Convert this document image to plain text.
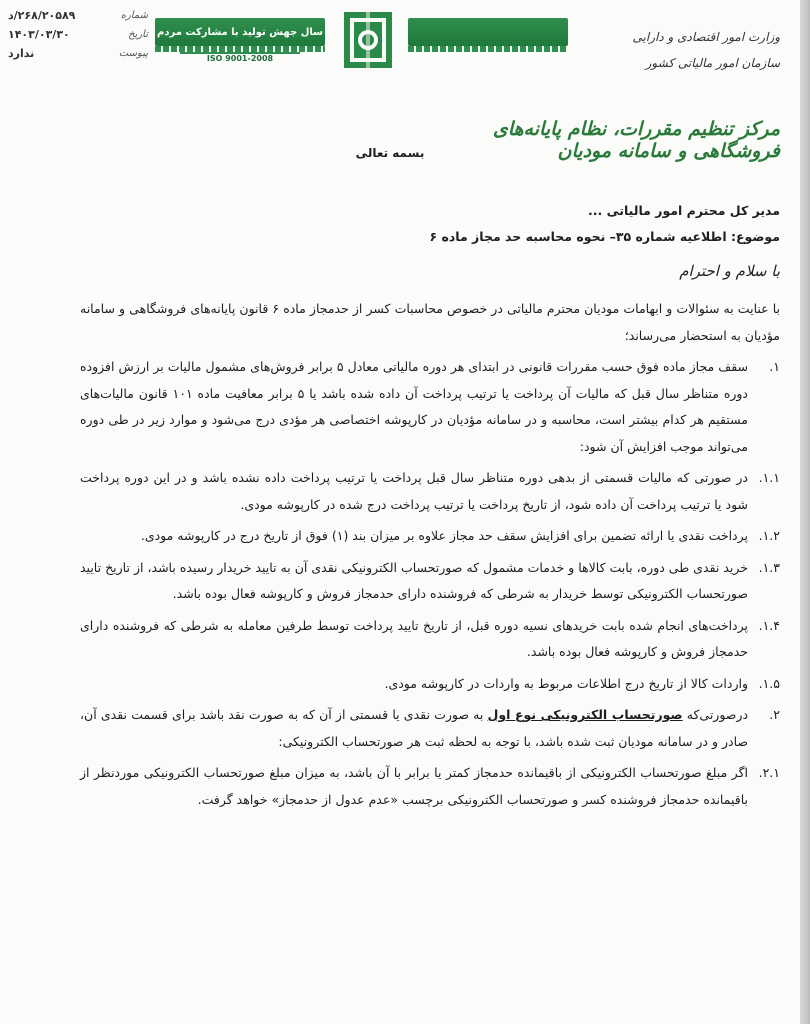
شماره
۲۶۸/۲۰۵۸۹/د
تاریخ
۱۴۰۳/۰۳/۳۰
پیوست
ندارد
سال جهش تولید با مشارکت مردم
ISO 9001-2008
وزارت امور اقتصادی و دارایی
سازمان امور مالیاتی کشور
مرکز تنظیم مقررات، نظام پایانه‌های فروشگاهی و سامانه مودیان
بسمه تعالی
مدیر کل محترم امور مالیاتی ...
موضوع: اطلاعیه شماره ۳۵– نحوه محاسبه حد مجاز ماده ۶
با سلام و احترام

با عنایت به سئوالات و ابهامات مودیان محترم مالیاتی در خصوص محاسبات کسر از حدمجاز ماده ۶ قانون پایانه‌های فروشگاهی و سامانه مؤدیان به استحضار می‌رساند؛

۱.
سقف مجاز ماده فوق حسب مقررات قانونی در ابتدای هر دوره مالیاتی معادل ۵ برابر فروش‌های مشمول مالیات بر ارزش افزوده دوره متناظر سال قبل که مالیات آن پرداخت یا ترتیب پرداخت آن داده شده باشد یا ۵ برابر معافیت ماده ۱۰۱ قانون مالیات‌های مستقیم هر کدام بیشتر است، محاسبه و در سامانه مؤدیان در کارپوشه اختصاصی هر مؤدی درج می‌شود و موارد زیر در طی دوره می‌تواند موجب افزایش آن شود:
۱.۱.
در صورتی که مالیات قسمتی از بدهی دوره متناظر سال قبل پرداخت یا ترتیب پرداخت داده نشده باشد و در این دوره پرداخت شود یا ترتیب پرداخت آن داده شود، از تاریخ پرداخت یا ترتیب پرداخت درج شده در کارپوشه مودی.
۱.۲.
پرداخت نقدی یا ارائه تضمین برای افزایش سقف حد مجاز علاوه بر میزان بند (۱) فوق از تاریخ درج در کارپوشه مودی.
۱.۳.
خرید نقدی طی دوره، بابت کالاها و خدمات مشمول که صورتحساب الکترونیکی نقدی آن به تایید خریدار رسیده باشد، از تاریخ تایید صورتحساب الکترونیکی توسط خریدار به شرطی که فروشنده دارای حدمجاز فروش و کارپوشه فعال بوده باشد.
۱.۴.
پرداخت‌های انجام شده بابت خریدهای نسیه دوره قبل، از تاریخ تایید پرداخت توسط طرفین معامله به شرطی که فروشنده دارای حدمجاز فروش و کارپوشه فعال بوده باشد.
۱.۵.
واردات کالا از تاریخ درج اطلاعات مربوط به واردات در کارپوشه مودی.
۲.
درصورتی‌که صورتحساب الکترونیکی نوع اول به صورت نقدی یا قسمتی از آن که به صورت نقد باشد برای قسمت نقدی آن، صادر و در سامانه مودیان ثبت شده باشد، با توجه به لحظه ثبت هر صورتحساب الکترونیکی:
۲.۱.
اگر مبلغ صورتحساب الکترونیکی از باقیمانده حدمجاز کمتر یا برابر با آن باشد، به میزان مبلغ صورتحساب الکترونیکی موردنظر از باقیمانده حدمجاز فروشنده کسر و صورتحساب الکترونیکی برچسب «عدم عدول از حدمجاز» خواهد گرفت.
